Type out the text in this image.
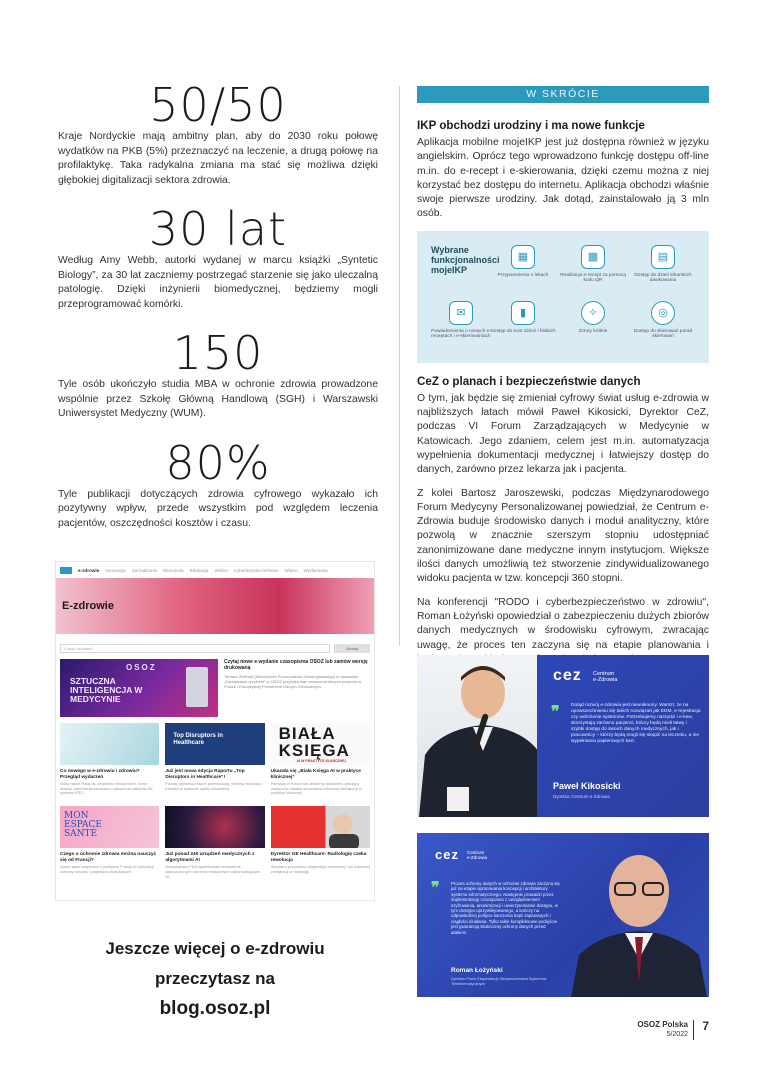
50/50
Kraje Nordyckie mają ambitny plan, aby do 2030 roku połowę wydatków na PKB (5%) przeznaczyć na leczenie, a drugą połowę na profilaktykę. Taka radykalna zmiana ma stać się możliwa dzięki głębokiej digitalizacji sektora zdrowia.
30 lat
Według Amy Webb, autorki wydanej w marcu książki „Syntetic Biology”, za 30 lat zaczniemy postrzegać starzenie się jako uleczalną patologię. Dzięki inżynierii biomedycznej, będziemy mogli przeprogramować komórki.
150
Tyle osób ukończyło studia MBA w ochronie zdrowia prowadzone wspólnie przez Szkołę Główną Handlową (SGH) i Warszawski Uniwersystet Medyczny (WUM).
80%
Tyle publikacji dotyczących zdrowia cyfrowego wykazało ich pozytywny wpływ, przede wszystkim pod względem leczenia pacjentów, oszczędności kosztów i czasu.
W SKRÓCIE
IKP obchodzi urodziny i ma nowe funkcje

Aplikacja mobilne mojeIKP jest już dostępna również w języku angielskim. Oprócz tego wprowadzono funkcję dostępu off-line m.in. do e-recept i e-skierowania, dzięki czemu można z niej korzystać bez dostępu do internetu. Aplikacja obchodzi właśnie swoje pierwsze urodziny. Jak dotąd, zainstalowało ją 3 mln osób.

Wybrane
funkcjonalności
mojeIKP
▦
Przypomnienia o lekach
▩
Realizacja e-recept za pomocą kodu QR
▤
Dostęp do dzień lekarskich dawkowania
✉
Powiadomienia o nowych e-receptach i e-skierowaniach
▮
Dostęp do kont dzieci i bliskich
✧
Zrzuty krótkie
◎
Dostęp do skierowań porad skierowań
CeZ o planach i bezpieczeństwie danych

O tym, jak będzie się zmieniał cyfrowy świat usług e-zdrowia w najbliższych latach mówił Paweł Kikosicki, Dyrektor CeZ, podczas VI Forum Zarządzających w Medycynie w Katowicach. Jego zdaniem, celem jest m.in. automatyzacja wypełnienia dokumentacji medycznej i łatwiejszy dostęp do danych, zarówno przez lekarza jak i pacjenta.

Z kolei Bartosz Jaroszewski, podczas Międzynarodowego Forum Medycyny Personalizowanej powiedział, że Centrum e-Zdrowia buduje środowisko danych i moduł analityczny, które pozwolą w znacznie szerszym stopniu udostępniać zanonimizowane dane medyczne innym instytucjom. Większe ilości danych umożliwią też stworzenie zindywidualizowanego widoku pacjenta w tzw. koncepcji 360 stopni.

Na konferencji "RODO i cyberbezpieczeństwo w zdrowiu", Roman Łożyński opowiedział o zabezpieczeniu dużych zbiorów danych medycznych w środowisku cyfrowym, zwracając uwagę, że proces ten zaczyna się na etapie planowania i

e-zdrowie Innowacje Zarządzanie Ekonomia Edukacja Wideo Cyberbezpieczeństwo Wideo Wydarzenia
E-zdrowie
Czego szukasz?	Szukaj
OSOZ
SZTUCZNA INTELIGENCJA W MEDYCYNIE
Czytaj nowe e-wydanie czasopisma OSOZ lub zamów wersję drukowaną
Tomasz Zieliński (Wiceprezes Porozumienia Zielonogórskiego) w wywiadzie „Zarządzanie ryzykiem” w OSOZ przybliża stan wdrażania danych pacjenta w Polsce i Europejskiej Przestrzeni Danych Zdrowotnych.
Co nowego w e-zdrowiu i zdrowiu? Przegląd wydarzeń
Nowy raport Rady ds. projektów medycznych, nowe dotacje cyberbezpieczeństwa i ogłoszenia naborów dla systemu KSO.
Top Disruptors in Healthcare
Już jest nowa edycja Raportu „Top Disruptors in Healthcare”!
Poznaj najnowszy raport przemysłowy, ranking innowacji i trendów w systemie opieki zdrowotnej.
BIAŁA KSIĘGA
AI W PRAKTYCE KLINICZNEJ
Ukazała się „Biała Księga AI w praktyce klinicznej”
Pierwszy w Polsce tak obszerny dokument opisujący praktyczne zasady stosowania sztucznej inteligencji w praktyce klinicznej.
MON ESPACE SANTÉ
Czego o ochronie zdrowia można nauczyć się od Francji?
Nowy raport ekspertów o podejściu Francji do cyfryzacji ochrony zdrowia i projektach pilotażowych.
Już ponad 240 urządzeń medycznych z algorytmami AI
Amerykańska FDA opublikowała zestawienie dopuszczonych wyrobów medycznych wykorzystujących AI.
Dyrektor GE Healthcare: Radiologię czeka rewolucja
Wywiad o przyszłości diagnostyki obrazowej i roli sztucznej inteligencji w radiologii.
Jeszcze więcej o e-zdrowiu przeczytasz na
blog.osoz.pl
cez Centrum
e-Zdrowia
❞ Dotąd rozwój e-zdrowia jest nieuniknony. Warszt, że na upowszechnieniu się takich rozwiązań jak EDM, e-rejestracja czy wdrożenie systemów. Potrzebujemy narzędzi i e-kew, skorzystają zarówno pacjenci, którzy będą mieli łatwy i szybki dostęp do swoich danych medycznych, jak i pracownicy – którzy będą mogli się skupić na leczeniu, a nie wypełnianiu papierowych kart.
Paweł Kikosicki
Dyrektor Centrum e-Zdrowia
cez Centrum
e-Zdrowia
❞	Proces ochrony danych w ochronie zdrowia zaczyna się już na etapie opracowania koncepcji i architektury systemu informatycznego. Następnie prowadzi przez implementację rozwiązania z uwzględnieniem szyfrowania, anonimizacji i uwierzytelnianie dostępu, w tym dostępu uprzywilejowanego, a kończy na odpowiedniej polityce tworzenia kopii zapasowych i ciągłości działania. Tylko takie kompleksowe podejście jest gwarancją skutecznej ochrony danych przed atakiem.
Roman Łożyński
Dyrektor Pionu Eksploatacji i Bezpieczeństwa Systemów Teleinformatycznych
OSOZ Polska
5/2022
7
